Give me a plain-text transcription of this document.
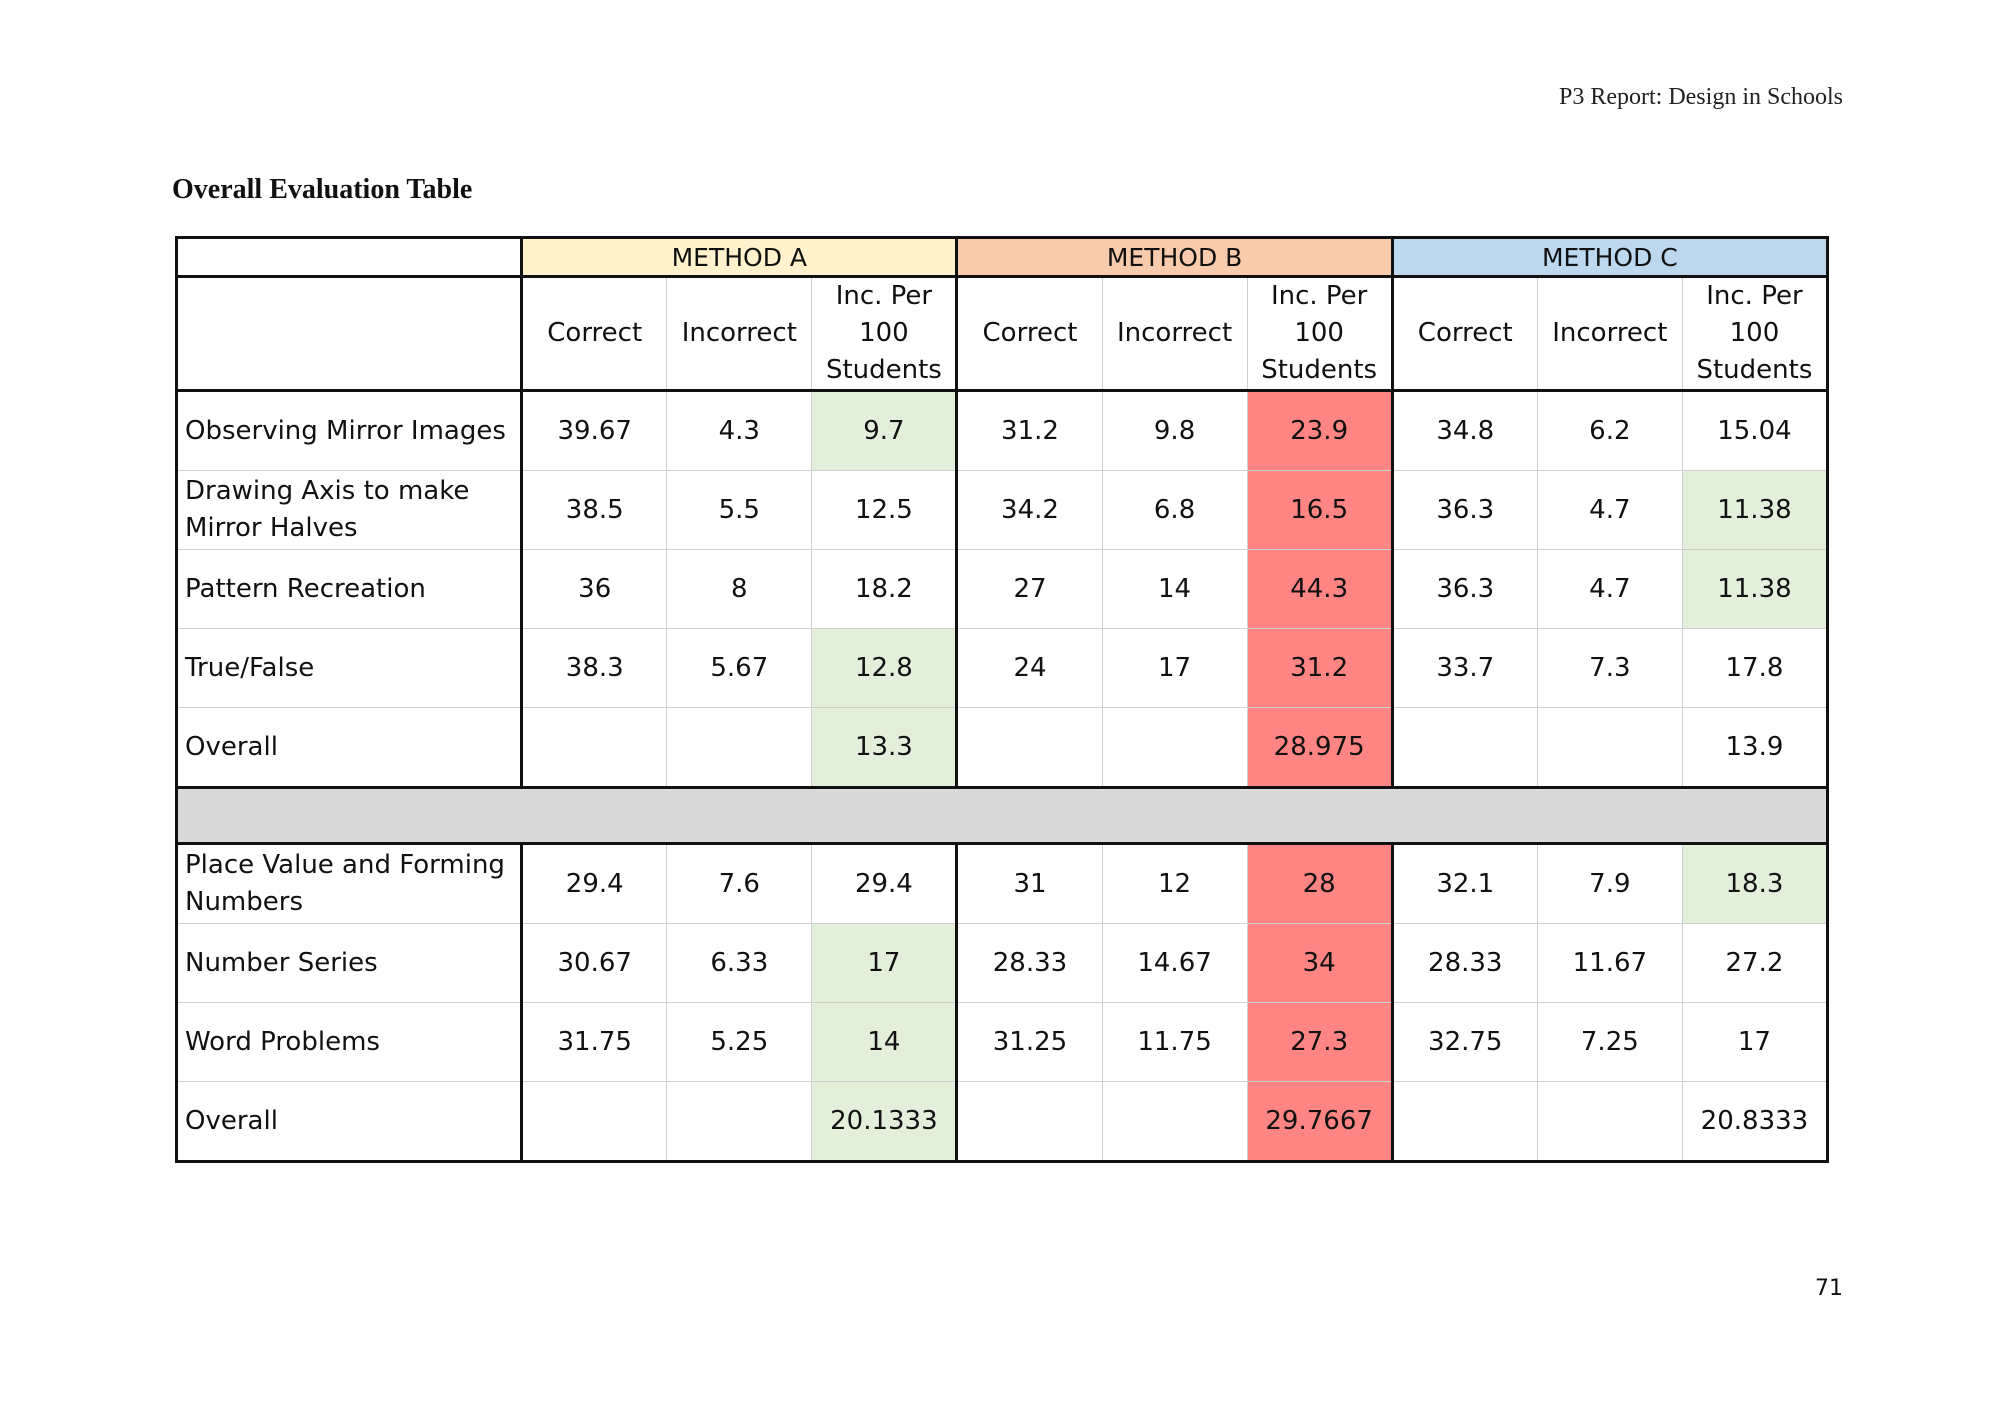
P3 Report: Design in Schools
Overall Evaluation Table
	METHOD A			METHOD B			METHOD C		
	Correct	Incorrect	Inc. Per 100 Students	Correct	Incorrect	Inc. Per 100 Students	Correct	Incorrect	Inc. Per 100 Students
Observing Mirror Images	39.67	4.3	9.7	31.2	9.8	23.9	34.8	6.2	15.04
Drawing Axis to make Mirror Halves	38.5	5.5	12.5	34.2	6.8	16.5	36.3	4.7	11.38
Pattern Recreation	36	8	18.2	27	14	44.3	36.3	4.7	11.38
True/False	38.3	5.67	12.8	24	17	31.2	33.7	7.3	17.8
Overall			13.3			28.975			13.9

Place Value and Forming Numbers	29.4	7.6	29.4	31	12	28	32.1	7.9	18.3
Number Series	30.67	6.33	17	28.33	14.67	34	28.33	11.67	27.2
Word Problems	31.75	5.25	14	31.25	11.75	27.3	32.75	7.25	17
Overall			20.1333			29.7667			20.8333
71
